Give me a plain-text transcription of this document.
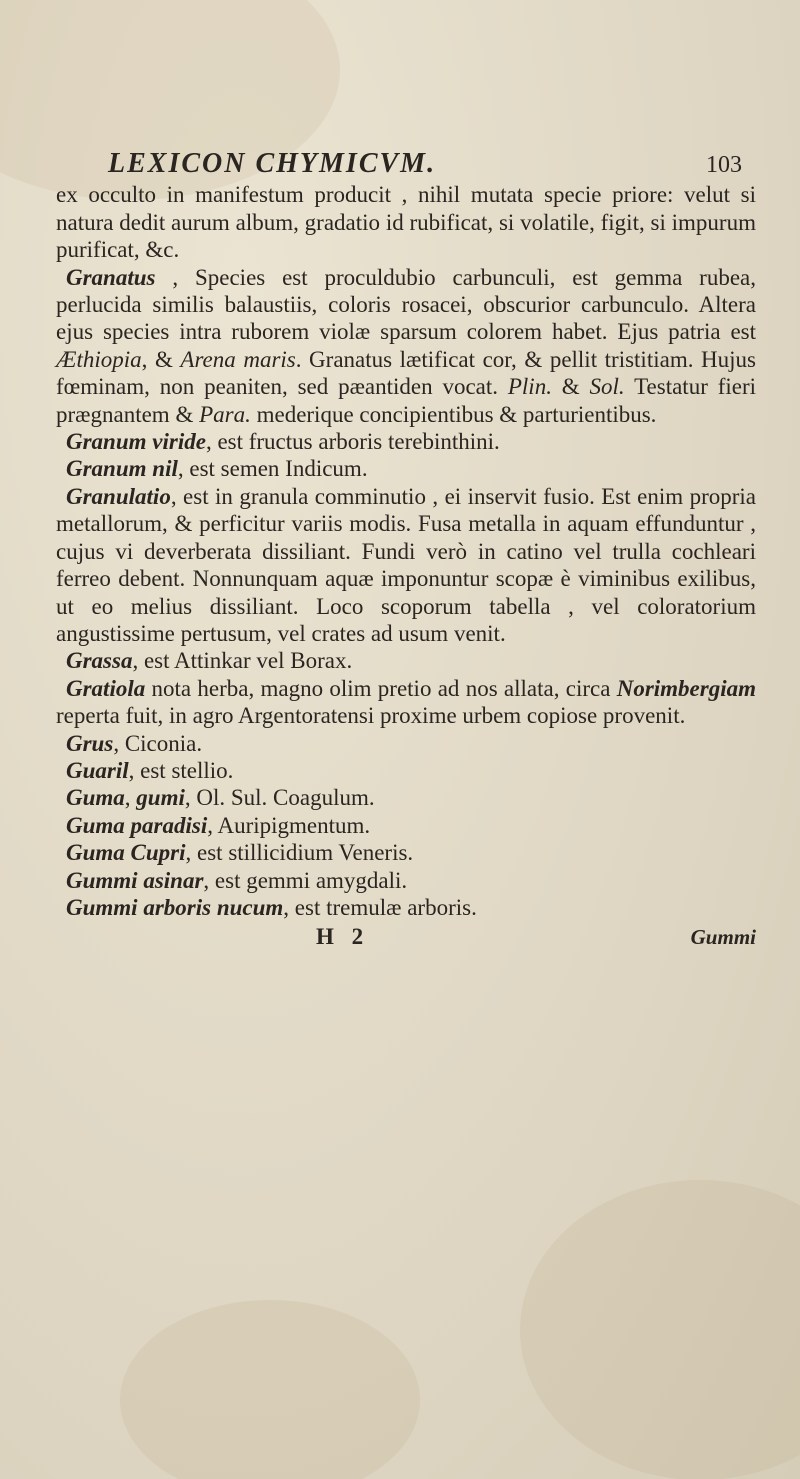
LEXICON CHYMICVM.	103

ex occulto in manifestum producit , nihil mutata specie priore: velut si natura dedit aurum album, gradatio id rubificat, si volatile, figit, si impurum purificat, &c.

Granatus , Species est proculdubio carbunculi, est gemma rubea, perlucida similis balaustiis, coloris rosacei, obscurior carbunculo. Altera ejus species intra ruborem violæ sparsum colorem habet. Ejus patria est Æthiopia, & Arena maris. Granatus lætificat cor, & pellit tristitiam. Hujus fœminam, non peaniten, sed pæantiden vocat. Plin. & Sol. Testatur fieri prægnantem & Para. mederique concipientibus & parturientibus.

Granum viride, est fructus arboris terebinthini.

Granum nil, est semen Indicum.

Granulatio, est in granula comminutio , ei inservit fusio. Est enim propria metallorum, & perficitur variis modis. Fusa metalla in aquam effunduntur , cujus vi deverberata dissiliant. Fundi verò in catino vel trulla cochleari ferreo debent. Nonnunquam aquæ imponuntur scopæ è viminibus exilibus, ut eo melius dissiliant. Loco scoporum tabella , vel coloratorium angustissime pertusum, vel crates ad usum venit.

Grassa, est Attinkar vel Borax.

Gratiola nota herba, magno olim pretio ad nos allata, circa Norimbergiam reperta fuit, in agro Argentoratensi proxime urbem copiose provenit.

Grus, Ciconia.

Guaril, est stellio.

Guma, gumi, Ol. Sul. Coagulum.

Guma paradisi, Auripigmentum.

Guma Cupri, est stillicidium Veneris.

Gummi asinar, est gemmi amygdali.

Gummi arboris nucum, est tremulæ arboris.

H 2	Gummi
